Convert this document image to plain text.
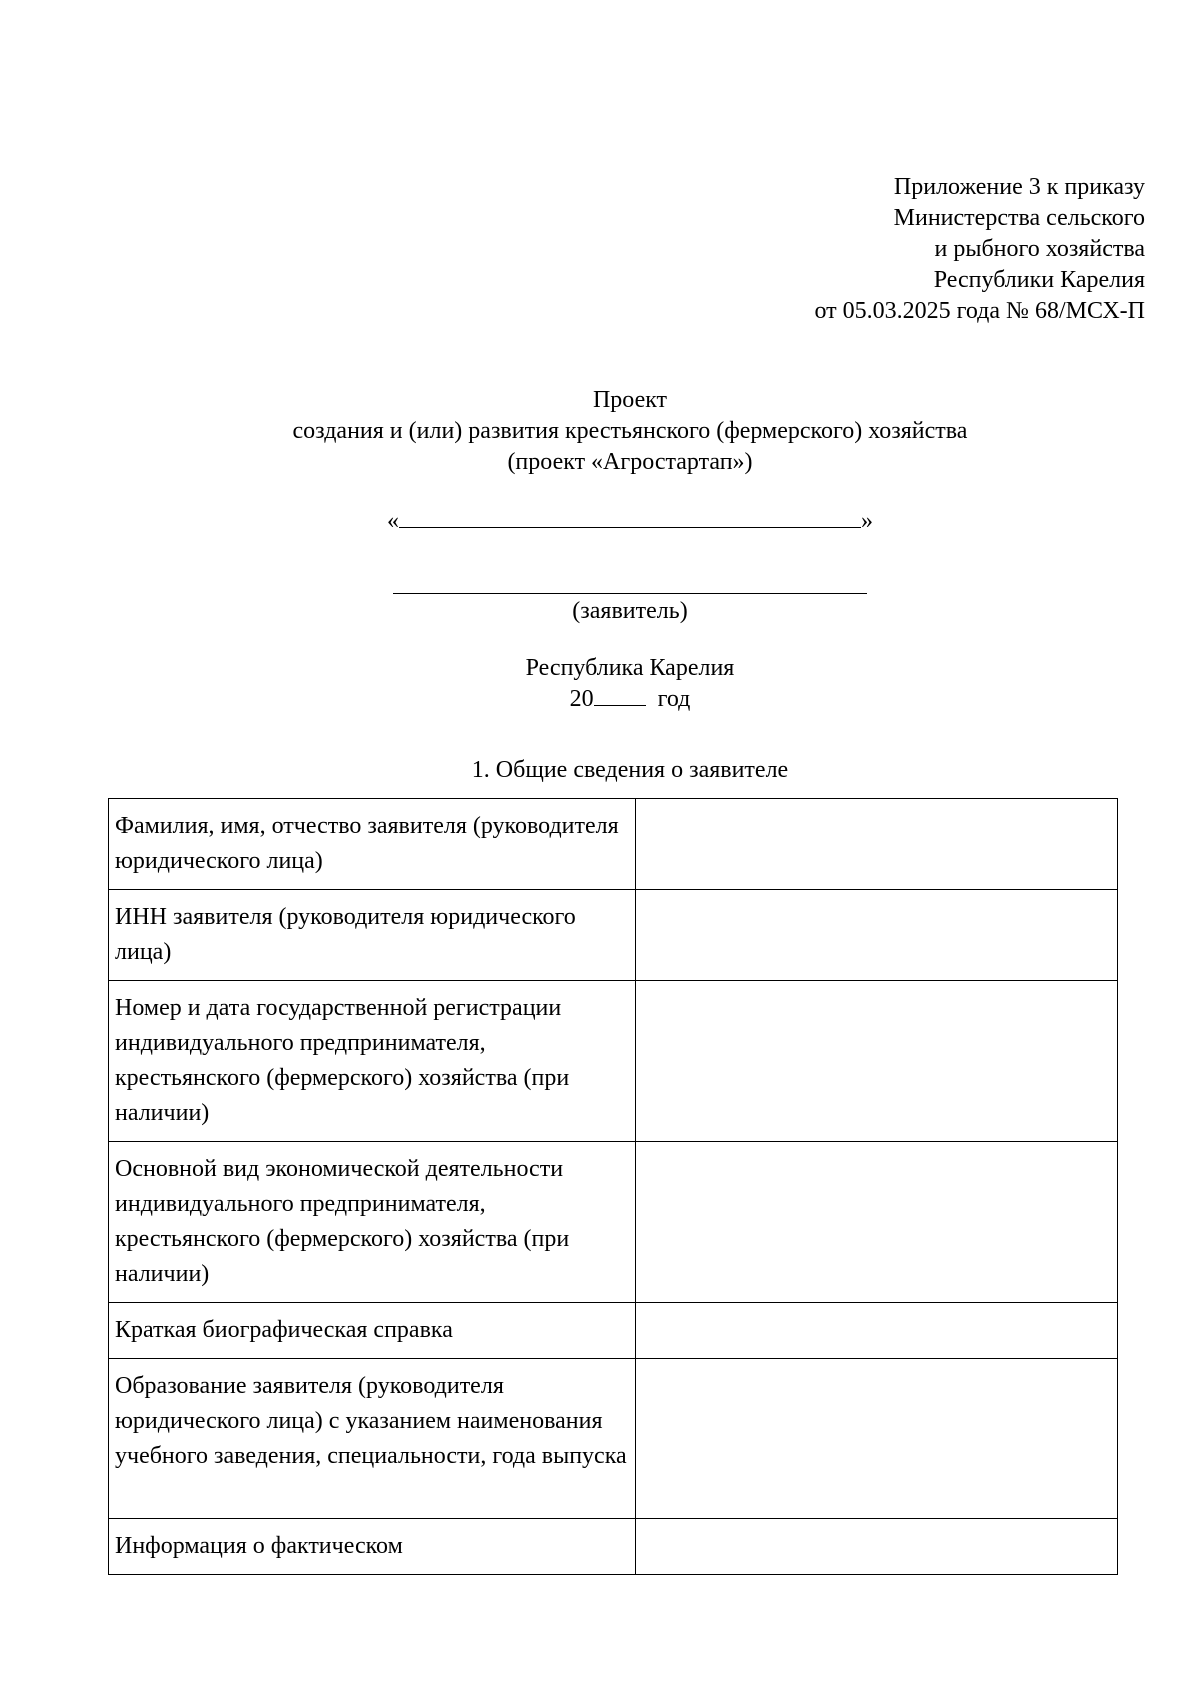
Приложение 3 к приказу
Министерства сельского
и рыбного хозяйства
Республики Карелия
от 05.03.2025 года № 68/МСХ-П
Проект
создания и (или) развития крестьянского (фермерского) хозяйства
(проект «Агростартап»)
«	»
(заявитель)
Республика Карелия
20	год
1. Общие сведения о заявителе
Фамилия, имя, отчество заявителя (руководителя юридического лица)	
ИНН заявителя (руководителя юридического лица)	
Номер и дата государственной регистрации индивидуального предпринимателя, крестьянского (фермерского) хозяйства (при наличии)	
Основной вид экономической деятельности индивидуального предпринимателя, крестьянского (фермерского) хозяйства (при наличии)	
Краткая биографическая справка	
Образование заявителя (руководителя юридического лица) с указанием наименования учебного заведения, специальности, года выпуска	
Информация о фактическом	
